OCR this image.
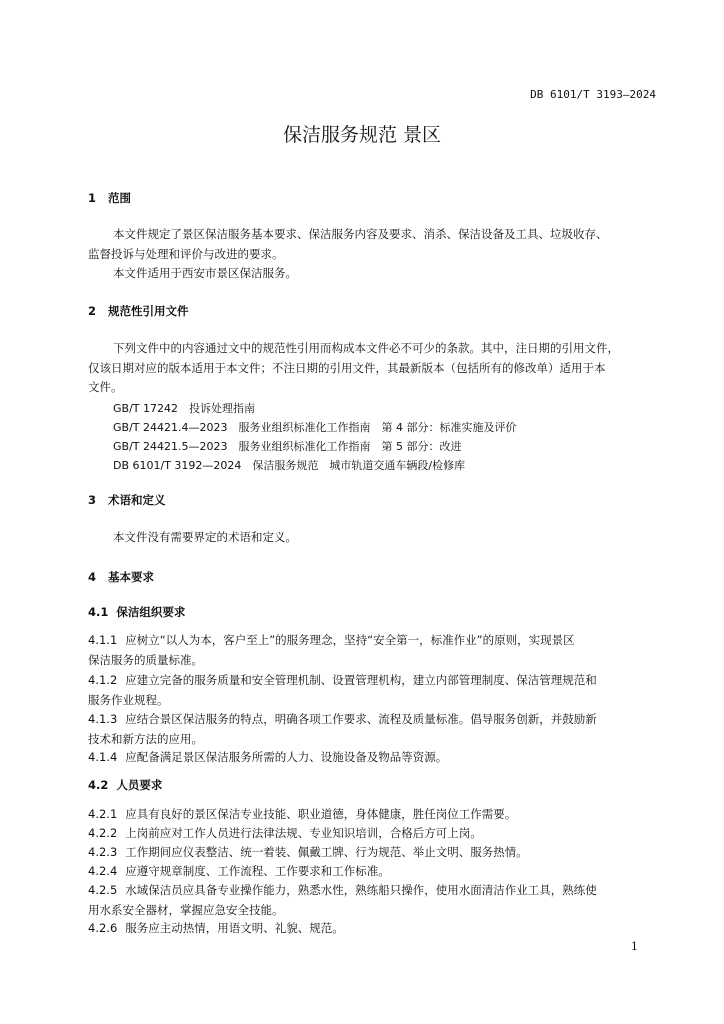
DB 6101/T 3193—2024
保洁服务规范 景区
1 范围
本文件规定了景区保洁服务基本要求、保洁服务内容及要求、消杀、保洁设备及工具、垃圾收存、
监督投诉与处理和评价与改进的要求。
本文件适用于西安市景区保洁服务。
2 规范性引用文件
下列文件中的内容通过文中的规范性引用而构成本文件必不可少的条款。其中，注日期的引用文件，
仅该日期对应的版本适用于本文件；不注日期的引用文件，其最新版本（包括所有的修改单）适用于本
文件。
GB/T 17242　投诉处理指南
GB/T 24421.4—2023　服务业组织标准化工作指南　第 4 部分：标准实施及评价
GB/T 24421.5—2023　服务业组织标准化工作指南　第 5 部分：改进
DB 6101/T 3192—2024　保洁服务规范　城市轨道交通车辆段/检修库
3 术语和定义
本文件没有需要界定的术语和定义。
4 基本要求
4.1 保洁组织要求
4.1.1 应树立“以人为本，客户至上”的服务理念，坚持“安全第一，标准作业”的原则，实现景区
保洁服务的质量标准。
4.1.2 应建立完备的服务质量和安全管理机制、设置管理机构，建立内部管理制度、保洁管理规范和
服务作业规程。
4.1.3 应结合景区保洁服务的特点，明确各项工作要求、流程及质量标准。倡导服务创新，并鼓励新
技术和新方法的应用。
4.1.4 应配备满足景区保洁服务所需的人力、设施设备及物品等资源。
4.2 人员要求
4.2.1 应具有良好的景区保洁专业技能、职业道德，身体健康，胜任岗位工作需要。
4.2.2 上岗前应对工作人员进行法律法规、专业知识培训，合格后方可上岗。
4.2.3 工作期间应仪表整洁、统一着装、佩戴工牌、行为规范、举止文明、服务热情。
4.2.4 应遵守规章制度、工作流程、工作要求和工作标准。
4.2.5 水域保洁员应具备专业操作能力，熟悉水性，熟练船只操作，使用水面清洁作业工具，熟练使
用水系安全器材，掌握应急安全技能。
4.2.6 服务应主动热情，用语文明、礼貌、规范。
1
